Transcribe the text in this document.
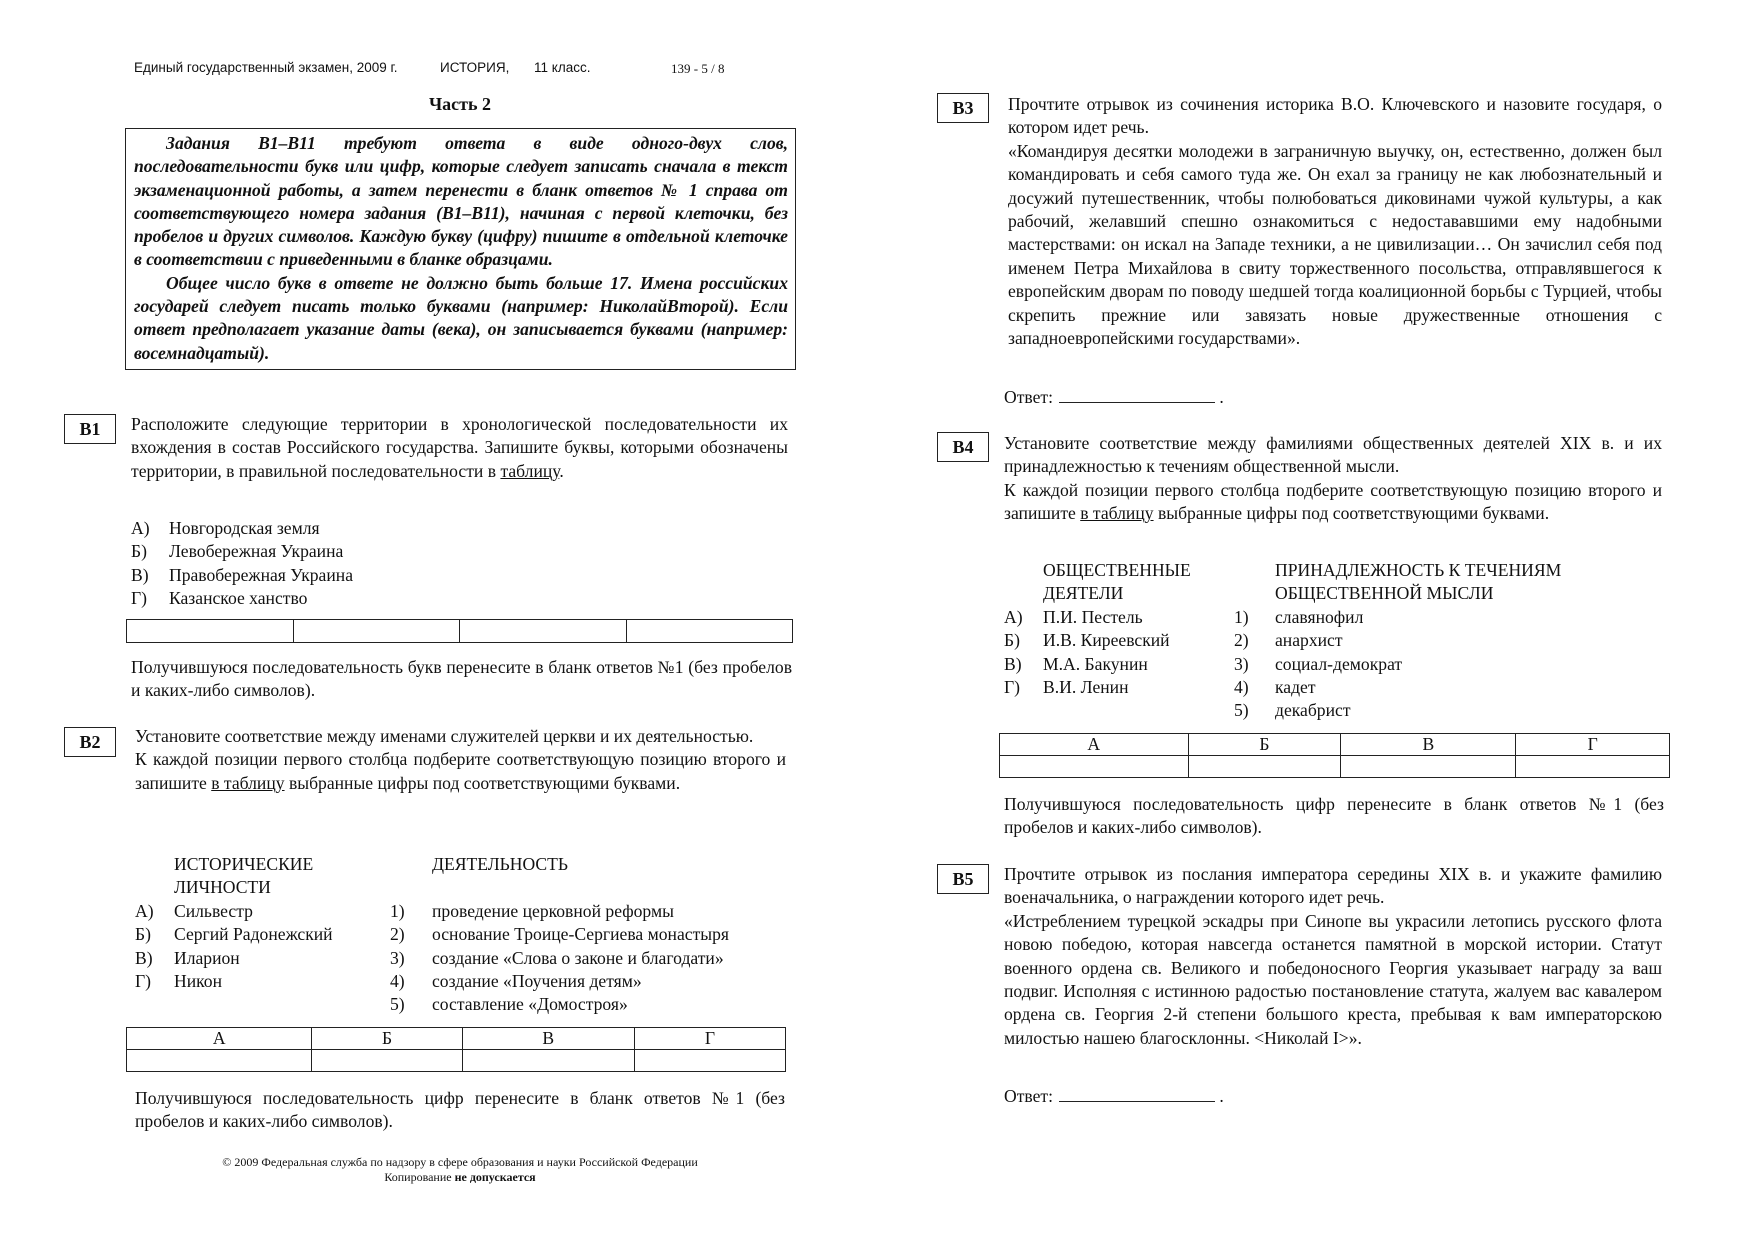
Единый государственный экзамен, 2009 г.	ИСТОРИЯ, 11 класс.	139 - 5 / 8
Часть 2

Задания В1–В11 требуют ответа в виде одного-двух слов, последовательности букв или цифр, которые следует записать сначала в текст экзаменационной работы, а затем перенести в бланк ответов № 1 справа от соответствующего номера задания (В1–В11), начиная с первой клеточки, без пробелов и других символов. Каждую букву (цифру) пишите в отдельной клеточке в соответствии с приведенными в бланке образцами.

Общее число букв в ответе не должно быть больше 17. Имена российских государей следует писать только буквами (например: НиколайВторой). Если ответ предполагает указание даты (века), он записывается буквами (например: восемнадцатый).

В1	Расположите следующие территории в хронологической последовательности их вхождения в состав Российского государства. Запишите буквы, которыми обозначены территории, в правильной последовательности в таблицу.

А) Новгородская земля
Б) Левобережная Украина
В) Правобережная Украина
Г) Казанское ханство

Получившуюся последовательность букв перенесите в бланк ответов №1 (без пробелов и каких-либо символов).
В2	Установите соответствие между именами служителей церкви и их деятельностью.

К каждой позиции первого столбца подберите соответствующую позицию второго и запишите в таблицу выбранные цифры под соответствующими буквами.

ИСТОРИЧЕСКИЕ
ЛИЧНОСТИ
ДЕЯТЕЛЬНОСТЬ
А) Сильвестр
Б) Сергий Радонежский
В) Иларион
Г) Никон
1) проведение церковной реформы
2) основание Троице-Сергиева монастыря
3) создание «Слова о законе и благодати»
4) создание «Поучения детям»
5) составление «Домостроя»
А	Б	В	Г

Получившуюся последовательность цифр перенесите в бланк ответов №1 (без пробелов и каких-либо символов).
© 2009 Федеральная служба по надзору в сфере образования и науки Российской Федерации
Копирование не допускается
В3	Прочтите отрывок из сочинения историка В.О. Ключевского и назовите государя, о котором идет речь.

«Командируя десятки молодежи в заграничную выучку, он, естественно, должен был командировать и себя самого туда же. Он ехал за границу не как любознательный и досужий путешественник, чтобы полюбоваться диковинами чужой культуры, а как рабочий, желавший спешно ознакомиться с недостававшими ему надобными мастерствами: он искал на Западе техники, а не цивилизации… Он зачислил себя под именем Петра Михайлова в свиту торжественного посольства, отправлявшегося к европейским дворам по поводу шедшей тогда коалиционной борьбы с Турцией, чтобы скрепить прежние или завязать новые дружественные отношения с западноевропейскими государствами».

Ответ:	.
В4	Установите соответствие между фамилиями общественных деятелей XIX в. и их принадлежностью к течениям общественной мысли.

К каждой позиции первого столбца подберите соответствующую позицию второго и запишите в таблицу выбранные цифры под соответствующими буквами.

ОБЩЕСТВЕННЫЕ
ДЕЯТЕЛИ
ПРИНАДЛЕЖНОСТЬ К ТЕЧЕНИЯМ
ОБЩЕСТВЕННОЙ МЫСЛИ
А) П.И. Пестель
Б) И.В. Киреевский
В) М.А. Бакунин
Г) В.И. Ленин
1) славянофил
2) анархист
3) социал-демократ
4) кадет
5) декабрист
А	Б	В	Г

Получившуюся последовательность цифр перенесите в бланк ответов №1 (без пробелов и каких-либо символов).
В5	Прочтите отрывок из послания императора середины XIX в. и укажите фамилию военачальника, о награждении которого идет речь.

«Истреблением турецкой эскадры при Синопе вы украсили летопись русского флота новою победою, которая навсегда останется памятной в морской истории. Статут военного ордена св. Великого и победоносного Георгия указывает награду за ваш подвиг. Исполняя с истинною радостью постановление статута, жалуем вас кавалером ордена св. Георгия 2-й степени большого креста, пребывая к вам императорскою милостью нашею благосклонны. <Николай I>».

Ответ:	.
